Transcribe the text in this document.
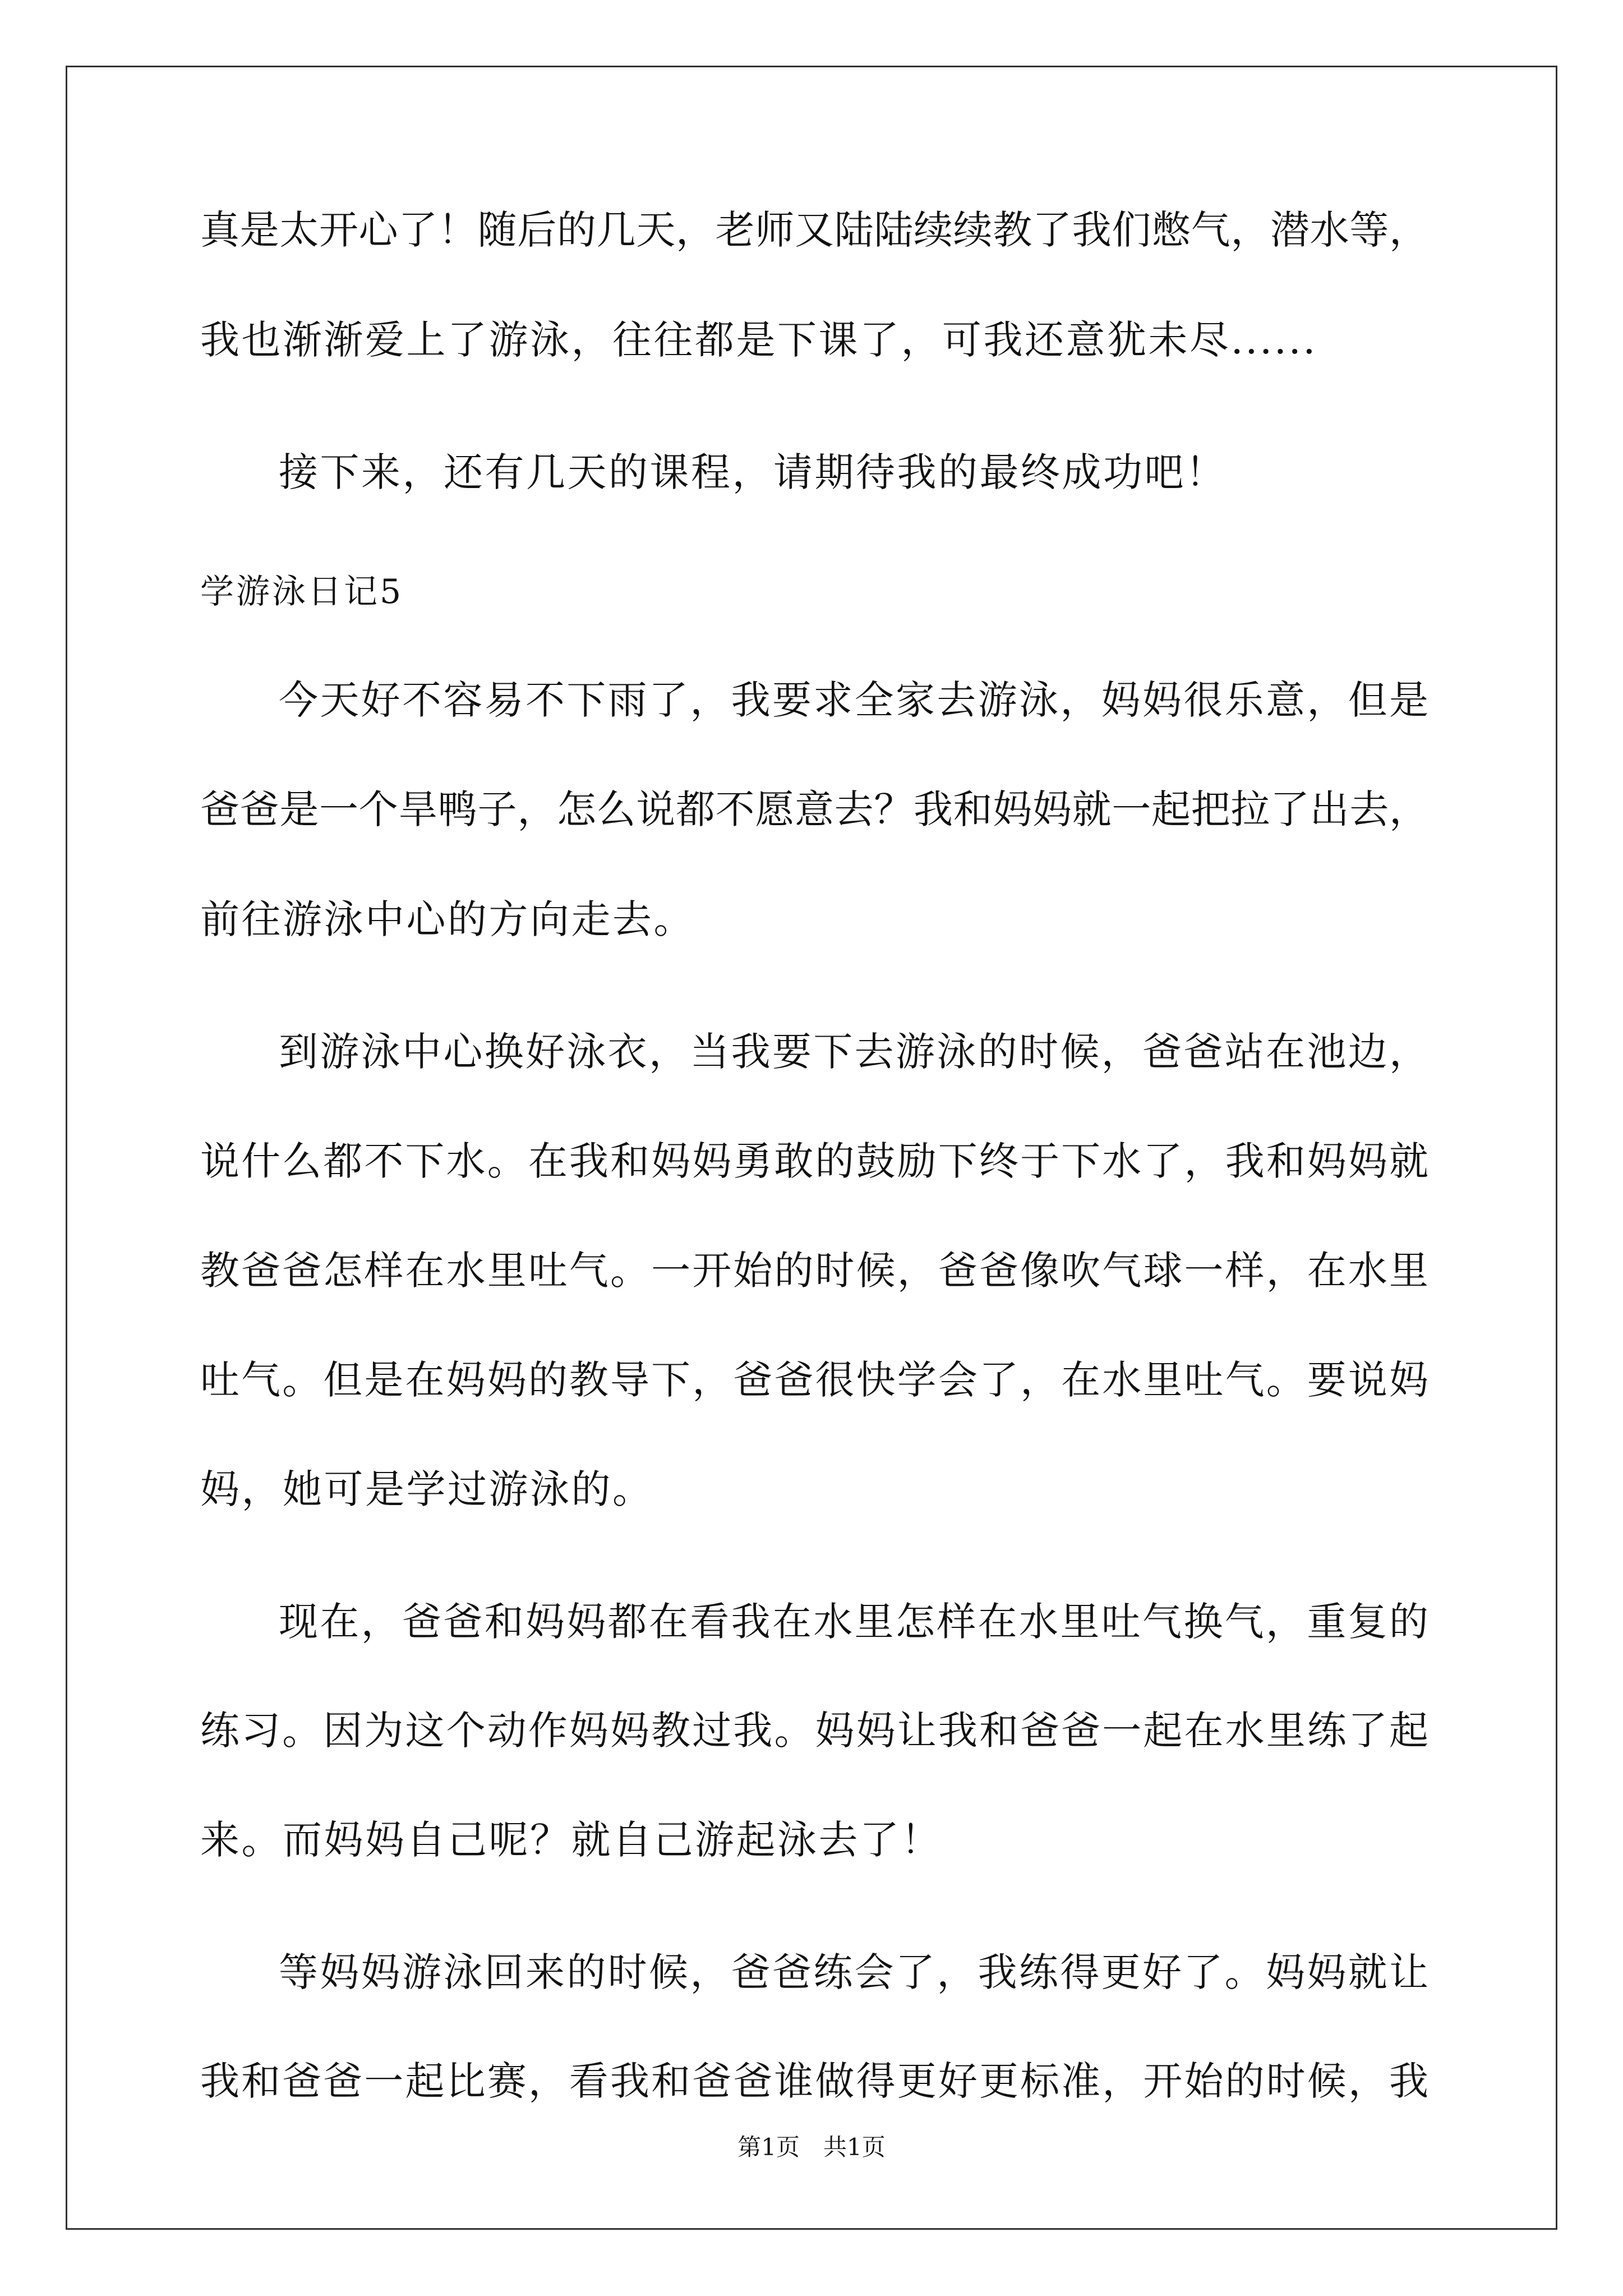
真是太开心了！随后的几天，老师又陆陆续续教了我们憋气，潜水等，
我也渐渐爱上了游泳，往往都是下课了，可我还意犹未尽......
接下来，还有几天的课程，请期待我的最终成功吧！
学游泳日记5
今天好不容易不下雨了，我要求全家去游泳，妈妈很乐意，但是
爸爸是一个旱鸭子，怎么说都不愿意去？我和妈妈就一起把拉了出去，
前往游泳中心的方向走去。
到游泳中心换好泳衣，当我要下去游泳的时候，爸爸站在池边，
说什么都不下水。在我和妈妈勇敢的鼓励下终于下水了，我和妈妈就
教爸爸怎样在水里吐气。一开始的时候，爸爸像吹气球一样，在水里
吐气。但是在妈妈的教导下，爸爸很快学会了，在水里吐气。要说妈
妈，她可是学过游泳的。
现在，爸爸和妈妈都在看我在水里怎样在水里吐气换气，重复的
练习。因为这个动作妈妈教过我。妈妈让我和爸爸一起在水里练了起
来。而妈妈自己呢？就自己游起泳去了！
等妈妈游泳回来的时候，爸爸练会了，我练得更好了。妈妈就让
我和爸爸一起比赛，看我和爸爸谁做得更好更标准，开始的时候，我
第1页　共1页
